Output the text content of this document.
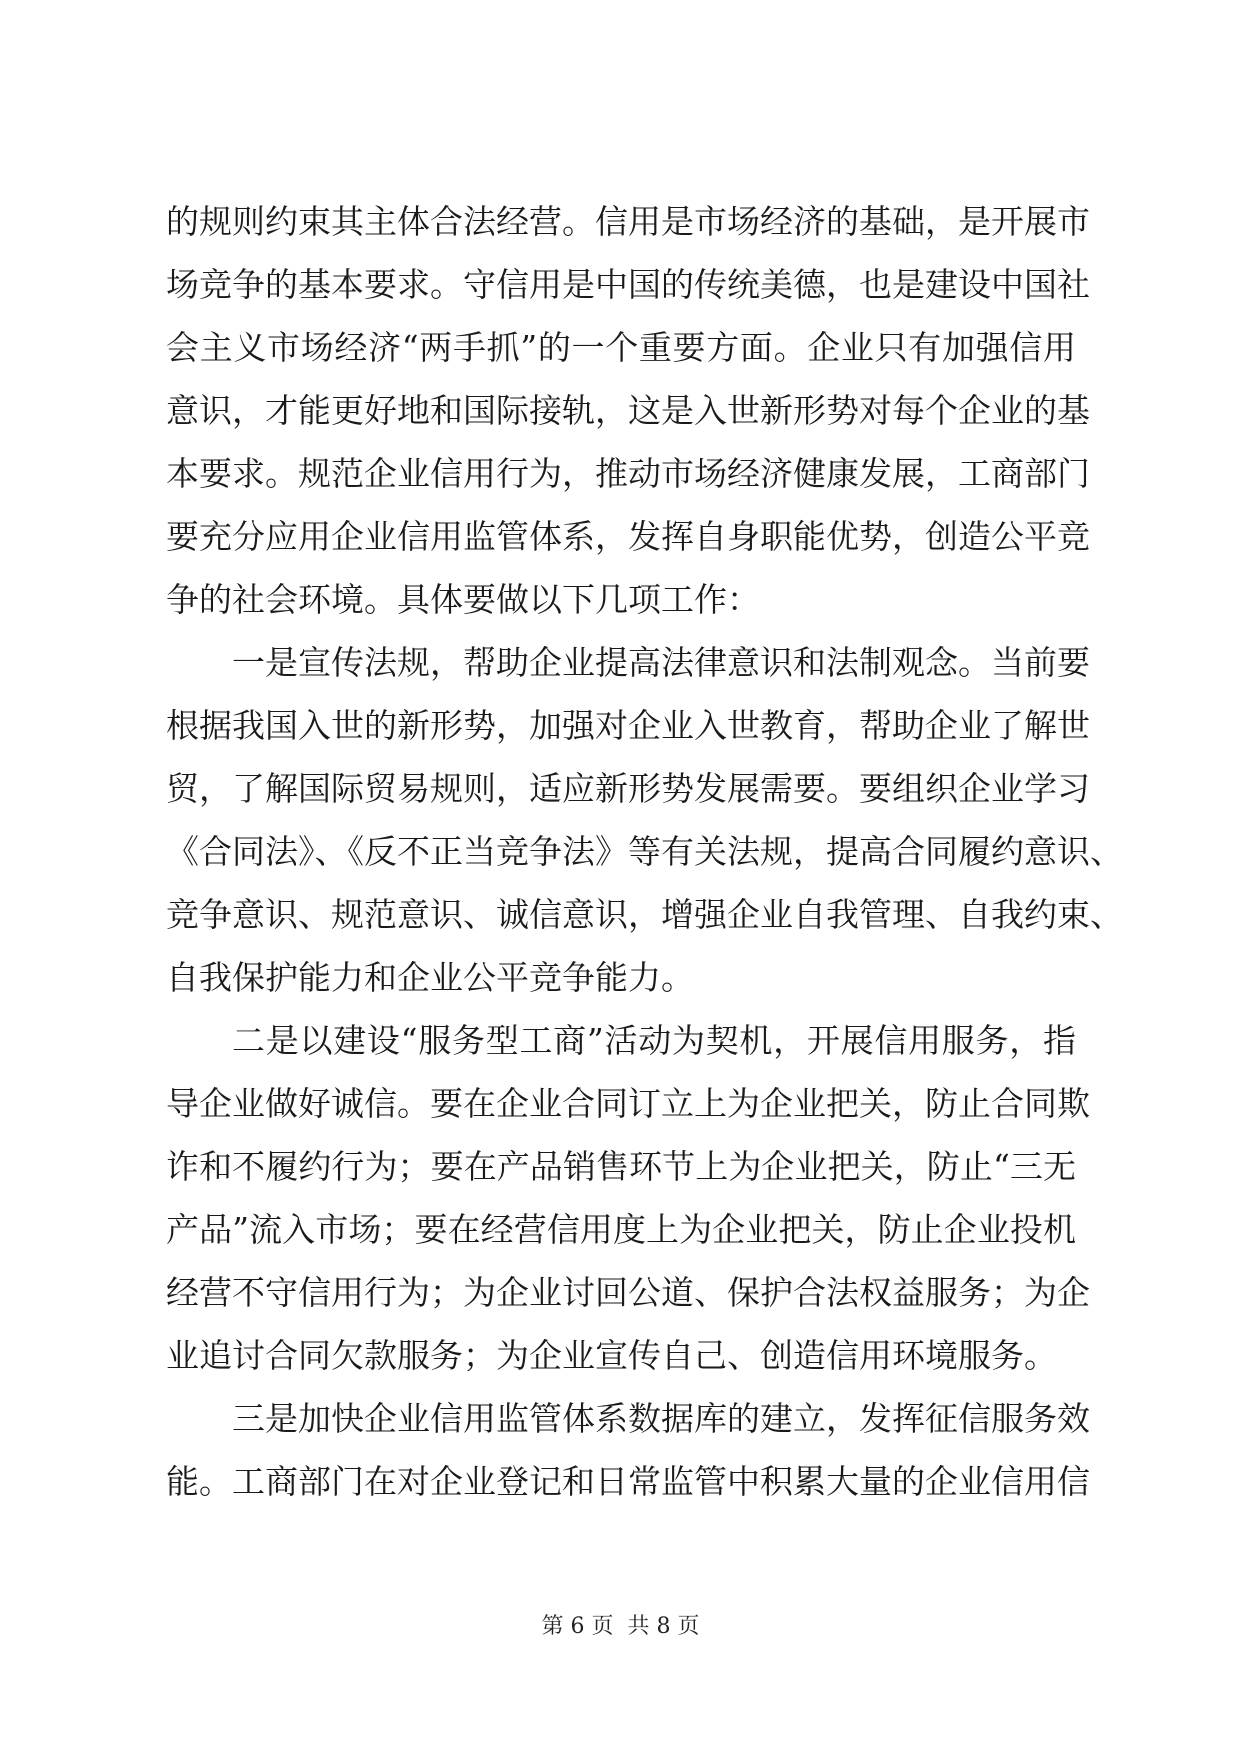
的规则约束其主体合法经营。信用是市场经济的基础，是开展市
场竞争的基本要求。守信用是中国的传统美德，也是建设中国社
会主义市场经济“两手抓”的一个重要方面。企业只有加强信用
意识，才能更好地和国际接轨，这是入世新形势对每个企业的基
本要求。规范企业信用行为，推动市场经济健康发展，工商部门
要充分应用企业信用监管体系，发挥自身职能优势，创造公平竞
争的社会环境。具体要做以下几项工作：
一是宣传法规，帮助企业提高法律意识和法制观念。当前要
根据我国入世的新形势，加强对企业入世教育，帮助企业了解世
贸，了解国际贸易规则，适应新形势发展需要。要组织企业学习
《合同法》、《反不正当竞争法》等有关法规，提高合同履约意识、
竞争意识、规范意识、诚信意识，增强企业自我管理、自我约束、
自我保护能力和企业公平竞争能力。
二是以建设“服务型工商”活动为契机，开展信用服务，指
导企业做好诚信。要在企业合同订立上为企业把关，防止合同欺
诈和不履约行为；要在产品销售环节上为企业把关，防止“三无
产品”流入市场；要在经营信用度上为企业把关，防止企业投机
经营不守信用行为；为企业讨回公道、保护合法权益服务；为企
业追讨合同欠款服务；为企业宣传自己、创造信用环境服务。
三是加快企业信用监管体系数据库的建立，发挥征信服务效
能。工商部门在对企业登记和日常监管中积累大量的企业信用信
第 6 页  共 8 页
